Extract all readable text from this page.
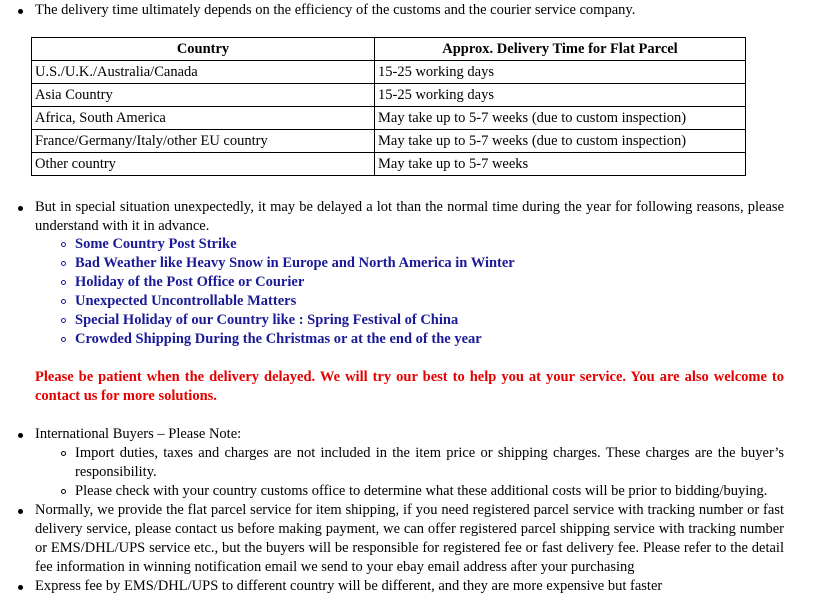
The delivery time ultimately depends on the efficiency of the customs and the courier service company.
Country	Approx. Delivery Time for Flat Parcel
U.S./U.K./Australia/Canada	15-25 working days
Asia Country	15-25 working days
Africa, South America	May take up to 5-7 weeks (due to custom inspection)
France/Germany/Italy/other EU country	May take up to 5-7 weeks (due to custom inspection)
Other country	May take up to 5-7 weeks
But in special situation unexpectedly, it may be delayed a lot than the normal time during the year for following reasons, please understand with it in advance.
Some Country Post Strike
Bad Weather like Heavy Snow in Europe and North America in Winter
Holiday of the Post Office or Courier
Unexpected Uncontrollable Matters
Special Holiday of our Country like : Spring Festival of China
Crowded Shipping During the Christmas or at the end of the year
Please be patient when the delivery delayed. We will try our best to help you at your service. You are also welcome to contact us for more solutions.
International Buyers – Please Note:
Import duties, taxes and charges are not included in the item price or shipping charges. These charges are the buyer’s responsibility.
Please check with your country customs office to determine what these additional costs will be prior to bidding/buying.
Normally, we provide the flat parcel service for item shipping, if you need registered parcel service with tracking number or fast delivery service, please contact us before making payment, we can offer registered parcel shipping service with tracking number or EMS/DHL/UPS service etc., but the buyers will be responsible for registered fee or fast delivery fee. Please refer to the detail fee information in winning notification email we send to your ebay email address after your purchasing
Express fee by EMS/DHL/UPS to different country will be different, and they are more expensive but faster
